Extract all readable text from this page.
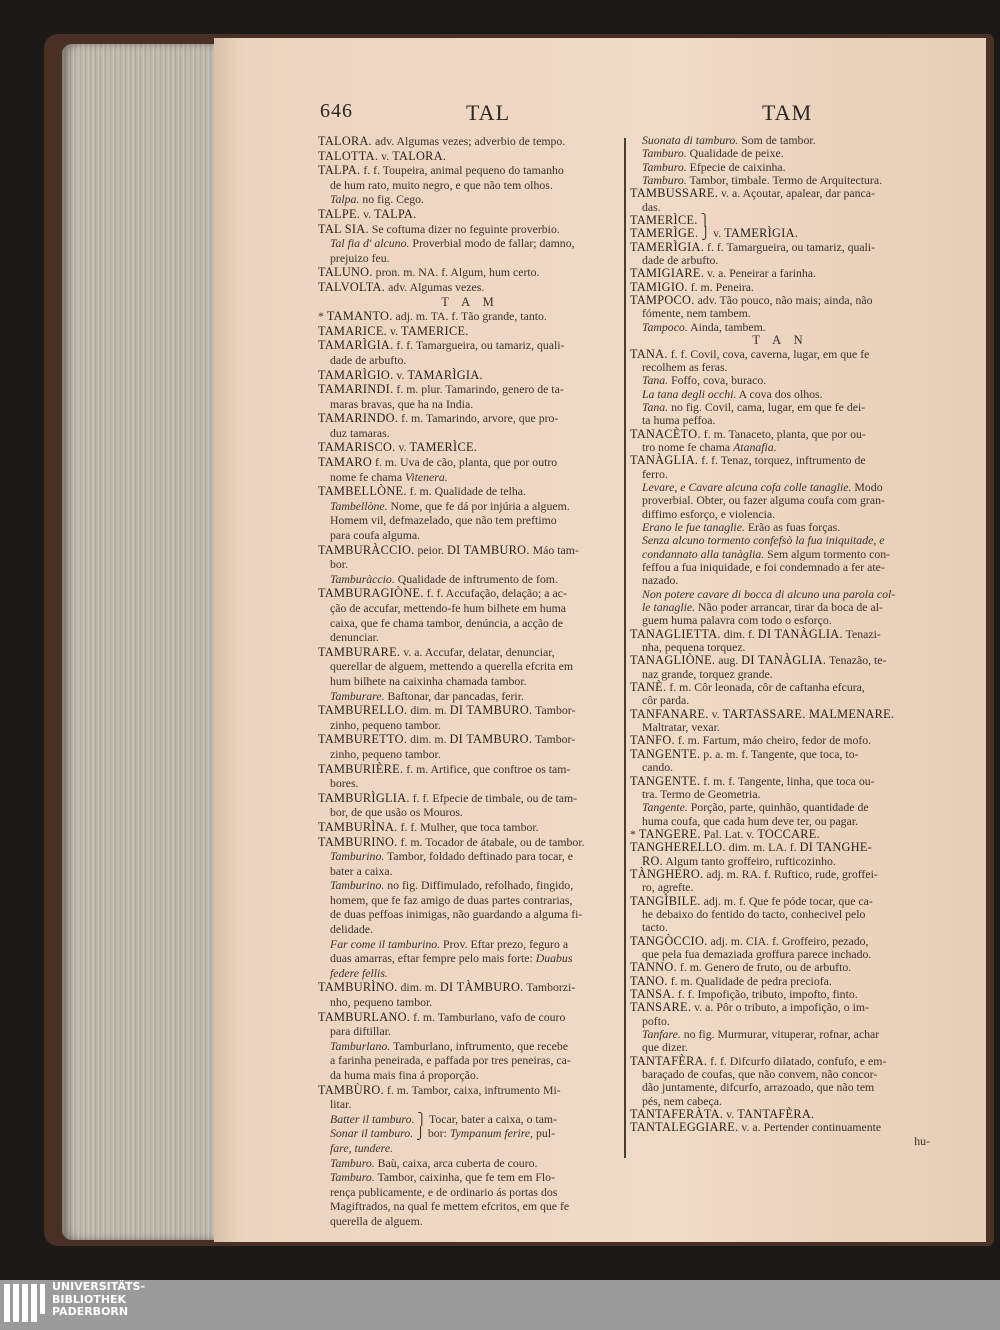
646	TAL	TAM
TALORA. adv. Algumas vezes; adverbio de tempo.
TALOTTA. v. TALORA.
TALPA. f. f. Toupeira, animal pequeno do tamanho
de hum rato, muito negro, e que não tem olhos.
Talpa. no fig. Cego.
TALPE. v. TALPA.
TAL SIA. Se coftuma dizer no feguinte proverbio.
Tal fia d' alcuno. Proverbial modo de fallar; damno,
prejuizo feu.
TALUNO. pron. m. NA. f. Algum, hum certo.
TALVOLTA. adv. Algumas vezes.
T A M
* TAMANTO. adj. m. TA. f. Tão grande, tanto.
TAMARICE. v. TAMERICE.
TAMARÌGIA. f. f. Tamargueira, ou tamariz, quali-
dade de arbufto.
TAMARÌGIO. v. TAMARÌGIA.
TAMARINDI. f. m. plur. Tamarindo, genero de ta-
maras bravas, que ha na India.
TAMARINDO. f. m. Tamarindo, arvore, que pro-
duz tamaras.
TAMARISCO. v. TAMERÌCE.
TAMARO f. m. Uva de cão, planta, que por outro
nome fe chama Vitenera.
TAMBELLÒNE. f. m. Qualidade de telha.
Tambellòne. Nome, que fe dá por injúria a alguem.
Homem vil, defmazelado, que não tem preftimo
para coufa alguma.
TAMBURÀCCIO. peior. DI TAMBURO. Máo tam-
bor.
Tamburàccio. Qualidade de inftrumento de fom.
TAMBURAGIÒNE. f. f. Accufação, delação; a ac-
ção de accufar, mettendo-fe hum bilhete em huma
caixa, que fe chama tambor, denúncia, a acção de
denunciar.
TAMBURARE. v. a. Accufar, delatar, denunciar,
querellar de alguem, mettendo a querella efcrita em
hum bilhete na caixinha chamada tambor.
Tamburare. Baftonar, dar pancadas, ferir.
TAMBURELLO. dim. m. DI TAMBURO. Tambor-
zinho, pequeno tambor.
TAMBURETTO. dim. m. DI TAMBURO. Tambor-
zinho, pequeno tambor.
TAMBURIÈRE. f. m. Artifice, que conftroe os tam-
bores.
TAMBURÌGLIA. f. f. Efpecie de timbale, ou de tam-
bor, de que usão os Mouros.
TAMBURÌNA. f. f. Mulher, que toca tambor.
TAMBURINO. f. m. Tocador de átabale, ou de tambor.
Tamburino. Tambor, foldado deftinado para tocar, e
bater a caixa.
Tamburino. no fig. Diffimulado, refolhado, fingido,
homem, que fe faz amigo de duas partes contrarias,
de duas peffoas inimigas, não guardando a alguma fi-
delidade.
Far come il tamburino. Prov. Eftar prezo, feguro a
duas amarras, eftar fempre pelo mais forte: Duabus
federe fellis.
TAMBURÌNO. dim. m. DI TÀMBURO. Tamborzi-
nho, pequeno tambor.
TAMBURLANO. f. m. Tamburlano, vafo de couro
para diftillar.
Tamburlano. Tamburlano, inftrumento, que recebe
a farinha peneirada, e paffada por tres peneiras, ca-
da huma mais fina á proporção.
TAMBÙRO. f. m. Tambor, caixa, inftrumento Mi-
litar.
Batter il tamburo. ⎫ Tocar, bater a caixa, o tam-
Sonar il tamburo. ⎭ bor: Tympanum ferire, pul-
fare, tundere.
Tamburo. Baù, caixa, arca cuberta de couro.
Tamburo. Tambor, caixinha, que fe tem em Flo-
rença publicamente, e de ordinario ás portas dos
Magiftrados, na qual fe mettem efcritos, em que fe
querella de alguem.
Suonata di tamburo. Som de tambor.
Tamburo. Qualidade de peixe.
Tamburo. Efpecie de caixinha.
Tamburo. Tambor, timbale. Termo de Arquitectura.
TAMBUSSARE. v. a. Açoutar, apalear, dar panca-
das.
TAMERÌCE. ⎫
TAMERÌGE. ⎭ v. TAMERÌGIA.
TAMERÌGIA. f. f. Tamargueira, ou tamariz, quali-
dade de arbufto.
TAMIGIARE. v. a. Peneirar a farinha.
TAMIGIO. f. m. Peneira.
TAMPOCO. adv. Tão pouco, não mais; ainda, não
fómente, nem tambem.
Tampoco. Ainda, tambem.
T A N
TANA. f. f. Covil, cova, caverna, lugar, em que fe
recolhem as feras.
Tana. Foffo, cova, buraco.
La tana degli occhi. A cova dos olhos.
Tana. no fig. Covil, cama, lugar, em que fe dei-
ta huma peffoa.
TANACÈTO. f. m. Tanaceto, planta, que por ou-
tro nome fe chama Atanafia.
TANÀGLIA. f. f. Tenaz, torquez, inftrumento de
ferro.
Levare, e Cavare alcuna cofa colle tanaglie. Modo
proverbial. Obter, ou fazer alguma coufa com gran-
diffimo esforço, e violencia.
Erano le fue tanaglie. Erão as fuas forças.
Senza alcuno tormento confefsò la fua iniquitade, e
condannato alla tanàglia. Sem algum tormento con-
feffou a fua iniquidade, e foi condemnado a fer ate-
nazado.
Non potere cavare di bocca di alcuno una parola col-
le tanaglie. Não poder arrancar, tirar da boca de al-
guem huma palavra com todo o esforço.
TANAGLIETTA. dim. f. DI TANÀGLIA. Tenazi-
nha, pequena torquez.
TANAGLIÒNE. aug. DI TANÀGLIA. Tenazão, te-
naz grande, torquez grande.
TANÈ. f. m. Côr leonada, côr de caftanha efcura,
côr parda.
TANFANARE. v. TARTASSARE. MALMENARE.
Maltratar, vexar.
TANFO. f. m. Fartum, máo cheiro, fedor de mofo.
TANGENTE. p. a. m. f. Tangente, que toca, to-
cando.
TANGENTE. f. m. f. Tangente, linha, que toca ou-
tra. Termo de Geometria.
Tangente. Porção, parte, quinhão, quantidade de
huma coufa, que cada hum deve ter, ou pagar.
* TANGERE. Pal. Lat. v. TOCCARE.
TANGHERELLO. dim. m. LA. f. DI TANGHE-
RO. Algum tanto groffeiro, rufticozinho.
TÀNGHERO. adj. m. RA. f. Ruftico, rude, groffei-
ro, agrefte.
TANGÌBILE. adj. m. f. Que fe póde tocar, que ca-
he debaixo do fentido do tacto, conhecivel pelo
tacto.
TANGÒCCIO. adj. m. CIA. f. Groffeiro, pezado,
que pela fua demaziada groffura parece inchado.
TANNO. f. m. Genero de fruto, ou de arbufto.
TANO. f. m. Qualidade de pedra preciofa.
TANSA. f. f. Impofição, tributo, impofto, finto.
TANSARE. v. a. Pôr o tributo, a impofição, o im-
pofto.
Tanfare. no fig. Murmurar, vituperar, rofnar, achar
que dizer.
TANTAFÈRA. f. f. Difcurfo dilatado, confufo, e em-
baraçado de coufas, que não convem, não concor-
dão juntamente, difcurfo, arrazoado, que não tem
pés, nem cabeça.
TANTAFERÀTA. v. TANTAFÈRA.
TANTALEGGIARE. v. a. Pertender continuamente
hu-
UNIVERSITÄTS-
BIBLIOTHEK
PADERBORN
